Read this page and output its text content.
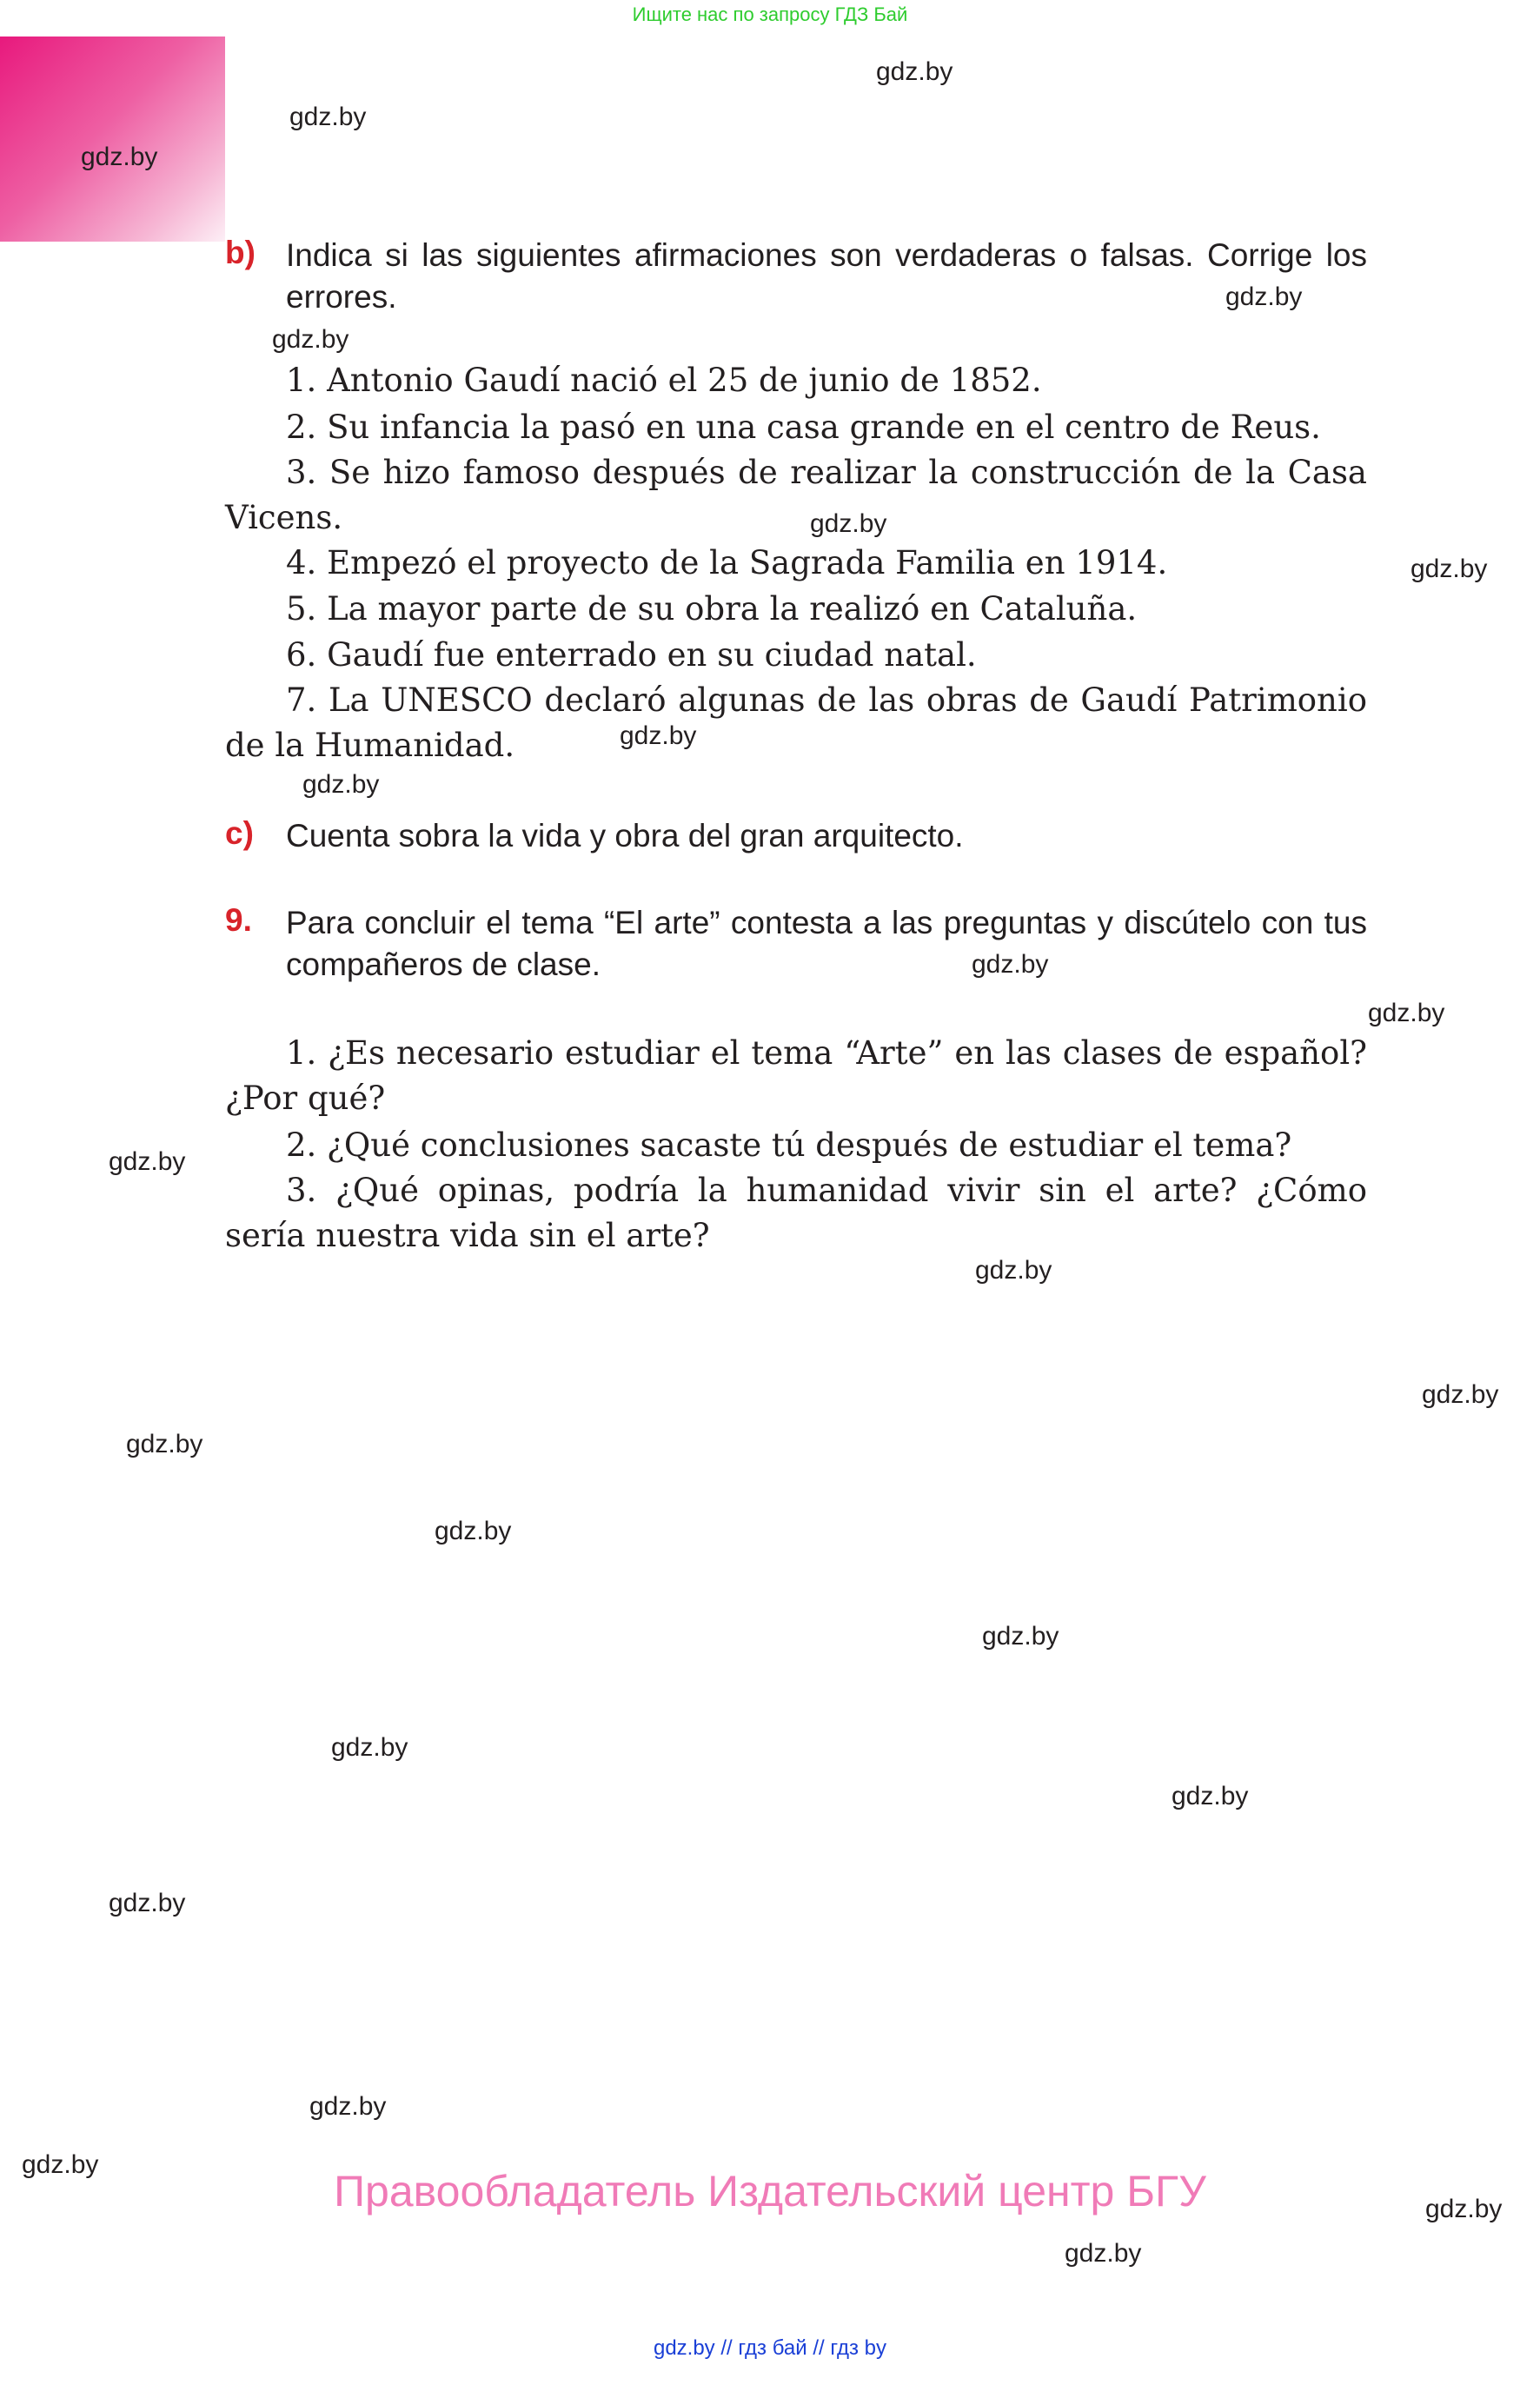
Ищите нас по запросу ГДЗ Бай
gdz.by
gdz.by
gdz.by
gdz.by
gdz.by
gdz.by
gdz.by
gdz.by
gdz.by
gdz.by
gdz.by
gdz.by
gdz.by
gdz.by
gdz.by
gdz.by
gdz.by
gdz.by
gdz.by
gdz.by
gdz.by
gdz.by
gdz.by
gdz.by
b) Indica si las siguientes afirmaciones son verdaderas o falsas. Corrige los errores.
1. Antonio Gaudí nació el 25 de junio de 1852.
2. Su infancia la pasó en una casa grande en el centro de Reus.
3. Se hizo famoso después de realizar la construcción de la Casa Vicens.
4. Empezó el proyecto de la Sagrada Familia en 1914.
5. La mayor parte de su obra la realizó en Cataluña.
6. Gaudí fue enterrado en su ciudad natal.
7. La UNESCO declaró algunas de las obras de Gaudí Patrimonio de la Humanidad.
c) Cuenta sobra la vida y obra del gran arquitecto.
9. Para concluir el tema “El arte” contesta a las preguntas y discútelo con tus compañeros de clase.
1. ¿Es necesario estudiar el tema “Arte” en las clases de español? ¿Por qué?
2. ¿Qué conclusiones sacaste tú después de estudiar el tema?
3. ¿Qué opinas, podría la humanidad vivir sin el arte? ¿Cómo sería nuestra vida sin el arte?
Правообладатель Издательский центр БГУ
gdz.by // гдз бай // гдз by
